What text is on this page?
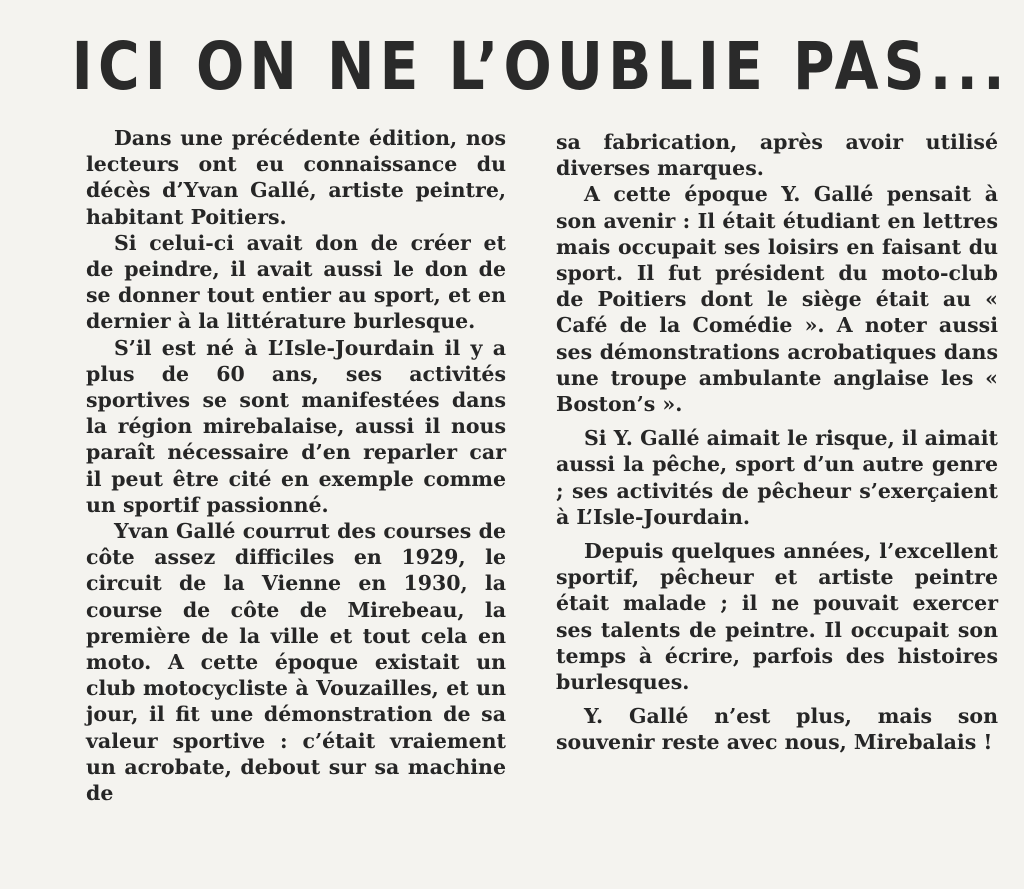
ICI ON NE L’OUBLIE PAS...

Dans une précédente édition, nos lecteurs ont eu connaissance du décès d’Yvan Gallé, artiste peintre, habitant Poitiers.

Si celui-ci avait don de créer et de peindre, il avait aussi le don de se donner tout entier au sport, et en dernier à la littérature burlesque.

S’il est né à L’Isle-Jourdain il y a plus de 60 ans, ses activités sportives se sont manifestées dans la région mirebalaise, aussi il nous paraît nécessaire d’en reparler car il peut être cité en exemple comme un sportif passionné.

Yvan Gallé courrut des courses de côte assez difficiles en 1929, le circuit de la Vienne en 1930, la course de côte de Mirebeau, la première de la ville et tout cela en moto. A cette époque existait un club motocycliste à Vouzailles, et un jour, il fit une démonstration de sa valeur sportive : c’était vraiement un acrobate, debout sur sa machine de

sa fabrication, après avoir utilisé diverses marques.

A cette époque Y. Gallé pensait à son avenir : Il était étudiant en lettres mais occupait ses loisirs en faisant du sport. Il fut président du moto-club de Poitiers dont le siège était au « Café de la Comédie ». A noter aussi ses démonstrations acrobatiques dans une troupe ambulante anglaise les « Boston’s ».

Si Y. Gallé aimait le risque, il aimait aussi la pêche, sport d’un autre genre ; ses activités de pêcheur s’exerçaient à L’Isle-Jourdain.

Depuis quelques années, l’excellent sportif, pêcheur et artiste peintre était malade ; il ne pouvait exercer ses talents de peintre. Il occupait son temps à écrire, parfois des histoires burlesques.

Y. Gallé n’est plus, mais son souvenir reste avec nous, Mirebalais !
